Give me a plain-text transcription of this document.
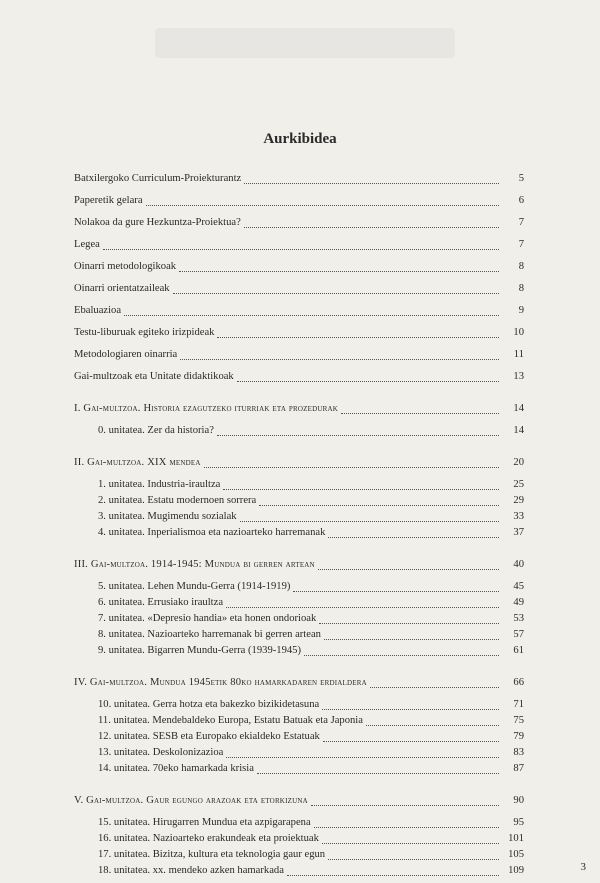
Aurkibidea
Batxilergoko Curriculum-Proiekturantz	5
Paperetik gelara	6
Nolakoa da gure Hezkuntza-Proiektua?	7
Legea	7
Oinarri metodologikoak	8
Oinarri orientatzaileak	8
Ebaluazioa	9
Testu-liburuak egiteko irizpideak	10
Metodologiaren oinarria	11
Gai-multzoak eta Unitate didaktikoak	13
I. Gai-multzoa. Historia ezagutzeko iturriak eta prozedurak	14
0. unitatea. Zer da historia?	14
II. Gai-multzoa. XIX mendea	20
1. unitatea. Industria-iraultza	25
2. unitatea. Estatu modernoen sorrera	29
3. unitatea. Mugimendu sozialak	33
4. unitatea. Inperialismoa eta nazioarteko harremanak	37
III. Gai-multzoa. 1914-1945: Mundua bi gerren artean	40
5. unitatea. Lehen Mundu-Gerra (1914-1919)	45
6. unitatea. Errusiako iraultza	49
7. unitatea. «Depresio handia» eta honen ondorioak	53
8. unitatea. Nazioarteko harremanak bi gerren artean	57
9. unitatea. Bigarren Mundu-Gerra (1939-1945)	61
IV. Gai-multzoa. Mundua 1945etik 80ko hamarkadaren erdialdera	66
10. unitatea. Gerra hotza eta bakezko bizikidetasuna	71
11. unitatea. Mendebaldeko Europa, Estatu Batuak eta Japonia	75
12. unitatea. SESB eta Europako ekialdeko Estatuak	79
13. unitatea. Deskolonizazioa	83
14. unitatea. 70eko hamarkada krisia	87
V. Gai-multzoa. Gaur egungo arazoak eta etorkizuna	90
15. unitatea. Hirugarren Mundua eta azpigarapena	95
16. unitatea. Nazioarteko erakundeak eta proiektuak	101
17. unitatea. Bizitza, kultura eta teknologia gaur egun	105
18. unitatea. xx. mendeko azken hamarkada	109	3
